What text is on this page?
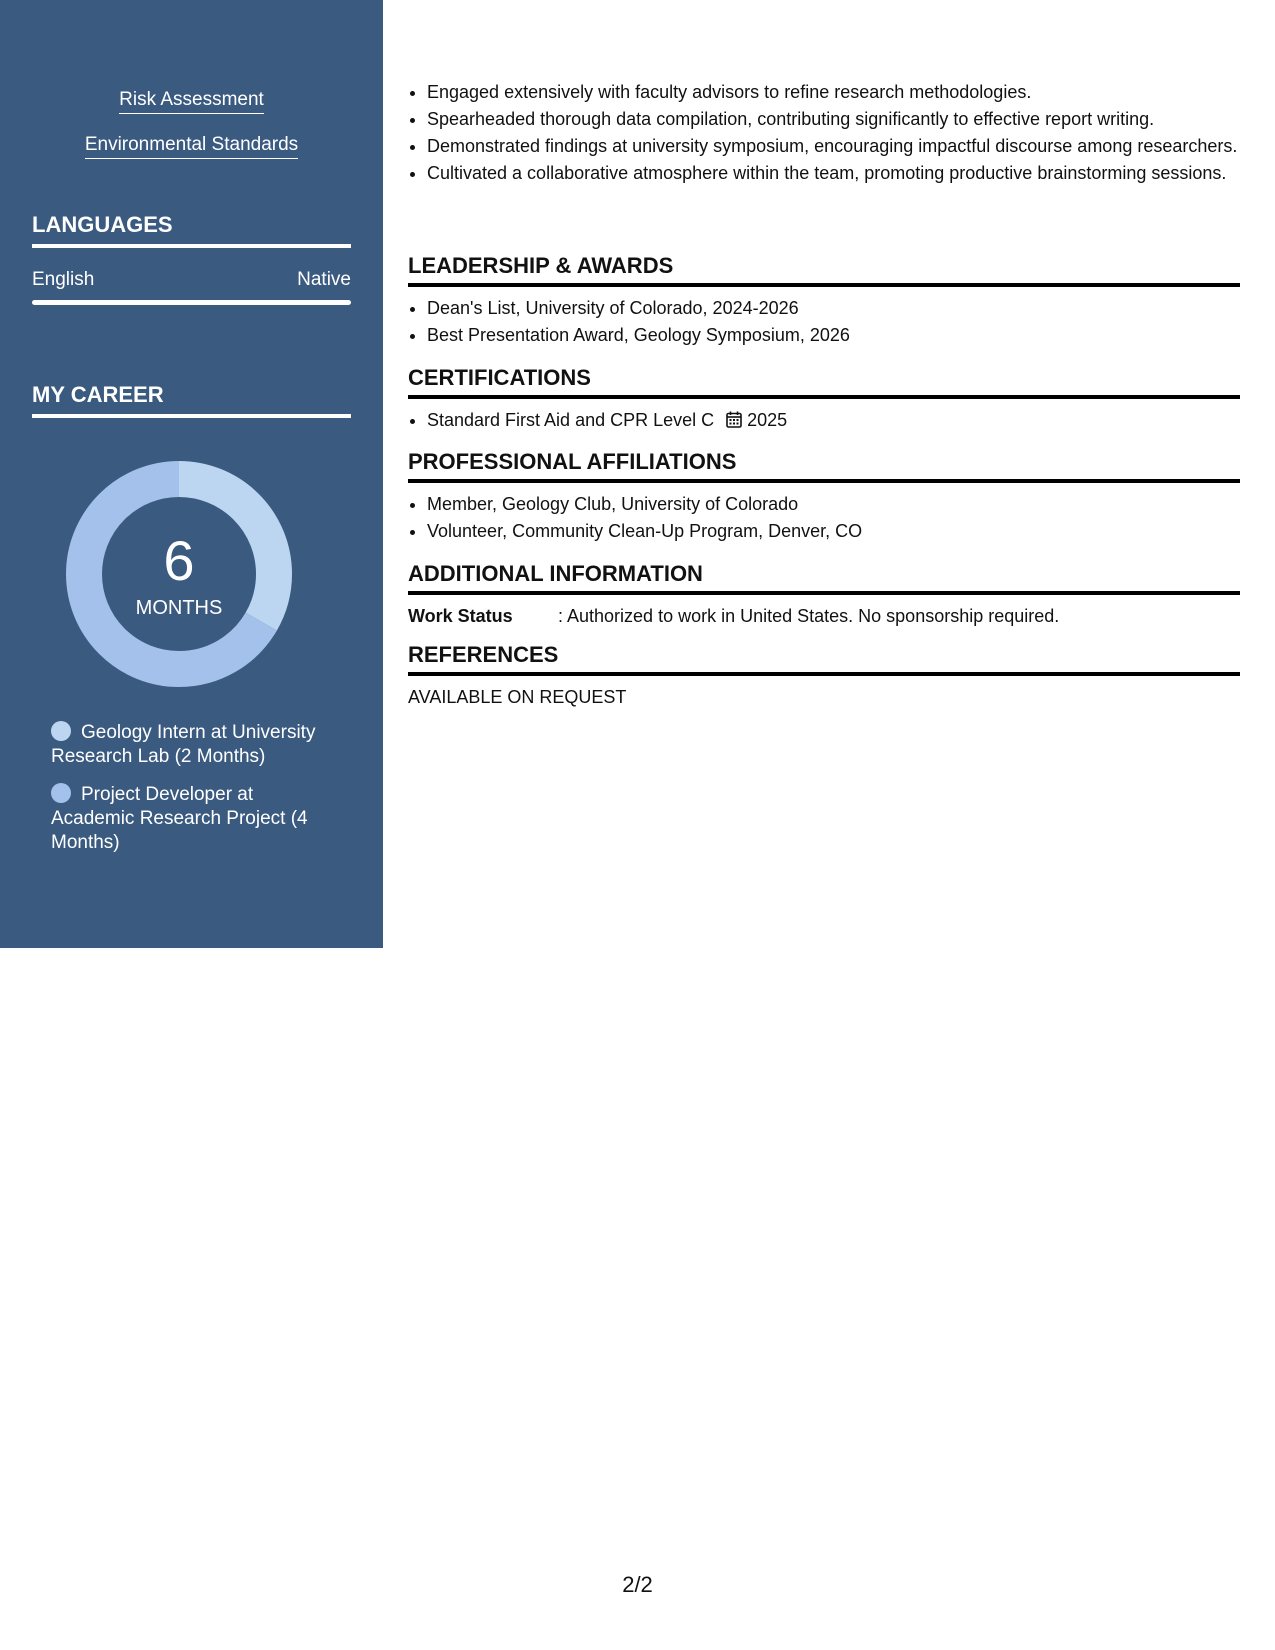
Risk Assessment
Environmental Standards
LANGUAGES
English	Native
MY CAREER
6
MONTHS
Geology Intern at University Research Lab (2 Months)
Project Developer at Academic Research Project (4 Months)
• Engaged extensively with faculty advisors to refine research methodologies.
• Spearheaded thorough data compilation, contributing significantly to effective report writing.
• Demonstrated findings at university symposium, encouraging impactful discourse among researchers.
• Cultivated a collaborative atmosphere within the team, promoting productive brainstorming sessions.
LEADERSHIP & AWARDS
• Dean's List, University of Colorado, 2024-2026
• Best Presentation Award, Geology Symposium, 2026
CERTIFICATIONS
• Standard First Aid and CPR Level C 2025
PROFESSIONAL AFFILIATIONS
• Member, Geology Club, University of Colorado
• Volunteer, Community Clean-Up Program, Denver, CO
ADDITIONAL INFORMATION
Work Status	: Authorized to work in United States. No sponsorship required.
REFERENCES
AVAILABLE ON REQUEST
2/2
